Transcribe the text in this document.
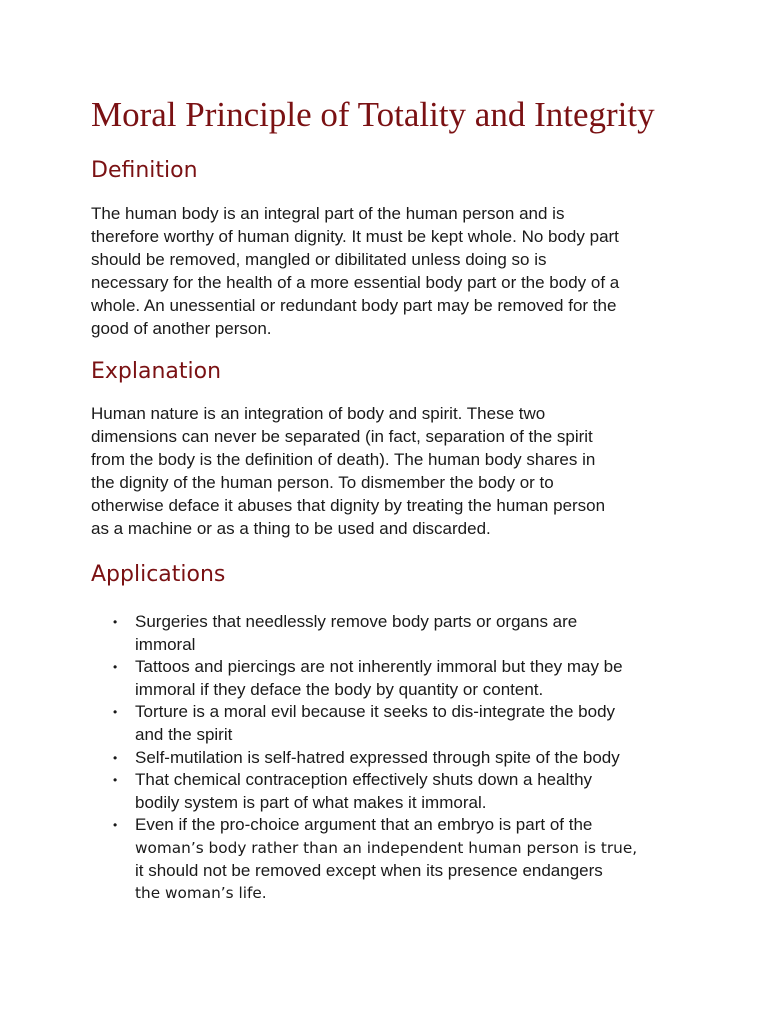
Moral Principle of Totality and Integrity
Definition
The human body is an integral part of the human person and is
therefore worthy of human dignity. It must be kept whole. No body part
should be removed, mangled or dibilitated unless doing so is
necessary for the health of a more essential body part or the body of a
whole. An unessential or redundant body part may be removed for the
good of another person.
Explanation
Human nature is an integration of body and spirit. These two
dimensions can never be separated (in fact, separation of the spirit
from the body is the definition of death). The human body shares in
the dignity of the human person. To dismember the body or to
otherwise deface it abuses that dignity by treating the human person
as a machine or as a thing to be used and discarded.
Applications
• Surgeries that needlessly remove body parts or organs are
immoral
• Tattoos and piercings are not inherently immoral but they may be
immoral if they deface the body by quantity or content.
• Torture is a moral evil because it seeks to dis-integrate the body
and the spirit
• Self-mutilation is self-hatred expressed through spite of the body
• That chemical contraception effectively shuts down a healthy
bodily system is part of what makes it immoral.
• Even if the pro-choice argument that an embryo is part of the
woman’s body rather than an independent human person is true,
it should not be removed except when its presence endangers
the woman’s life.
